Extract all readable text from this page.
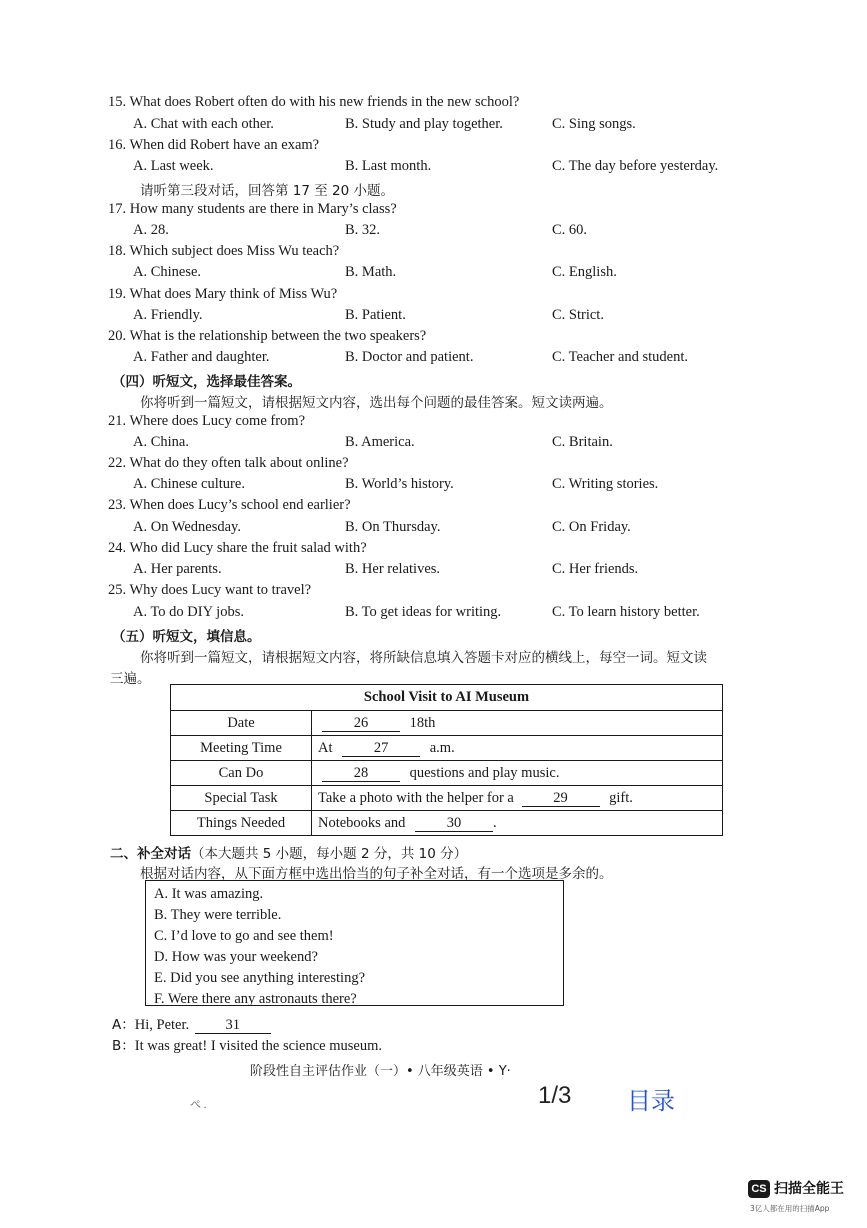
15. What does Robert often do with his new friends in the new school?
A. Chat with each other.	B. Study and play together.	C. Sing songs.
16. When did Robert have an exam?
A. Last week.	B. Last month.	C. The day before yesterday.
请听第三段对话，回答第 17 至 20 小题。
17. How many students are there in Mary’s class?
A. 28.	B. 32.	C. 60.
18. Which subject does Miss Wu teach?
A. Chinese.	B. Math.	C. English.
19. What does Mary think of Miss Wu?
A. Friendly.	B. Patient.	C. Strict.
20. What is the relationship between the two speakers?
A. Father and daughter.	B. Doctor and patient.	C. Teacher and student.
（四）听短文，选择最佳答案。
你将听到一篇短文，请根据短文内容，选出每个问题的最佳答案。短文读两遍。
21. Where does Lucy come from?
A. China.	B. America.	C. Britain.
22. What do they often talk about online?
A. Chinese culture.	B. World’s history.	C. Writing stories.
23. When does Lucy’s school end earlier?
A. On Wednesday.	B. On Thursday.	C. On Friday.
24. Who did Lucy share the fruit salad with?
A. Her parents.	B. Her relatives.	C. Her friends.
25. Why does Lucy want to travel?
A. To do DIY jobs.	B. To get ideas for writing.	C. To learn history better.
（五）听短文，填信息。
你将听到一篇短文，请根据短文内容，将所缺信息填入答题卡对应的横线上，每空一词。短文读
三遍。
School Visit to AI Museum	
Date	26 18th
Meeting Time	At 27 a.m.
Can Do	28 questions and play music.
Special Task	Take a photo with the helper for a 29 gift.
Things Needed	Notebooks and 30 .
二、补全对话（本大题共 5 小题，每小题 2 分，共 10 分）
根据对话内容，从下面方框中选出恰当的句子补全对话，有一个选项是多余的。
A. It was amazing.
B. They were terrible.
C. I’d love to go and see them!
D. How was your weekend?
E. Did you see anything interesting?
F. Were there any astronauts there?
A：Hi, Peter.	31
B：It was great! I visited the science museum.
阶段性自主评估作业（一）• 八年级英语 • Y·
ぺ .	1/3 目录
CS 扫描全能王
3亿人都在用的扫描App
